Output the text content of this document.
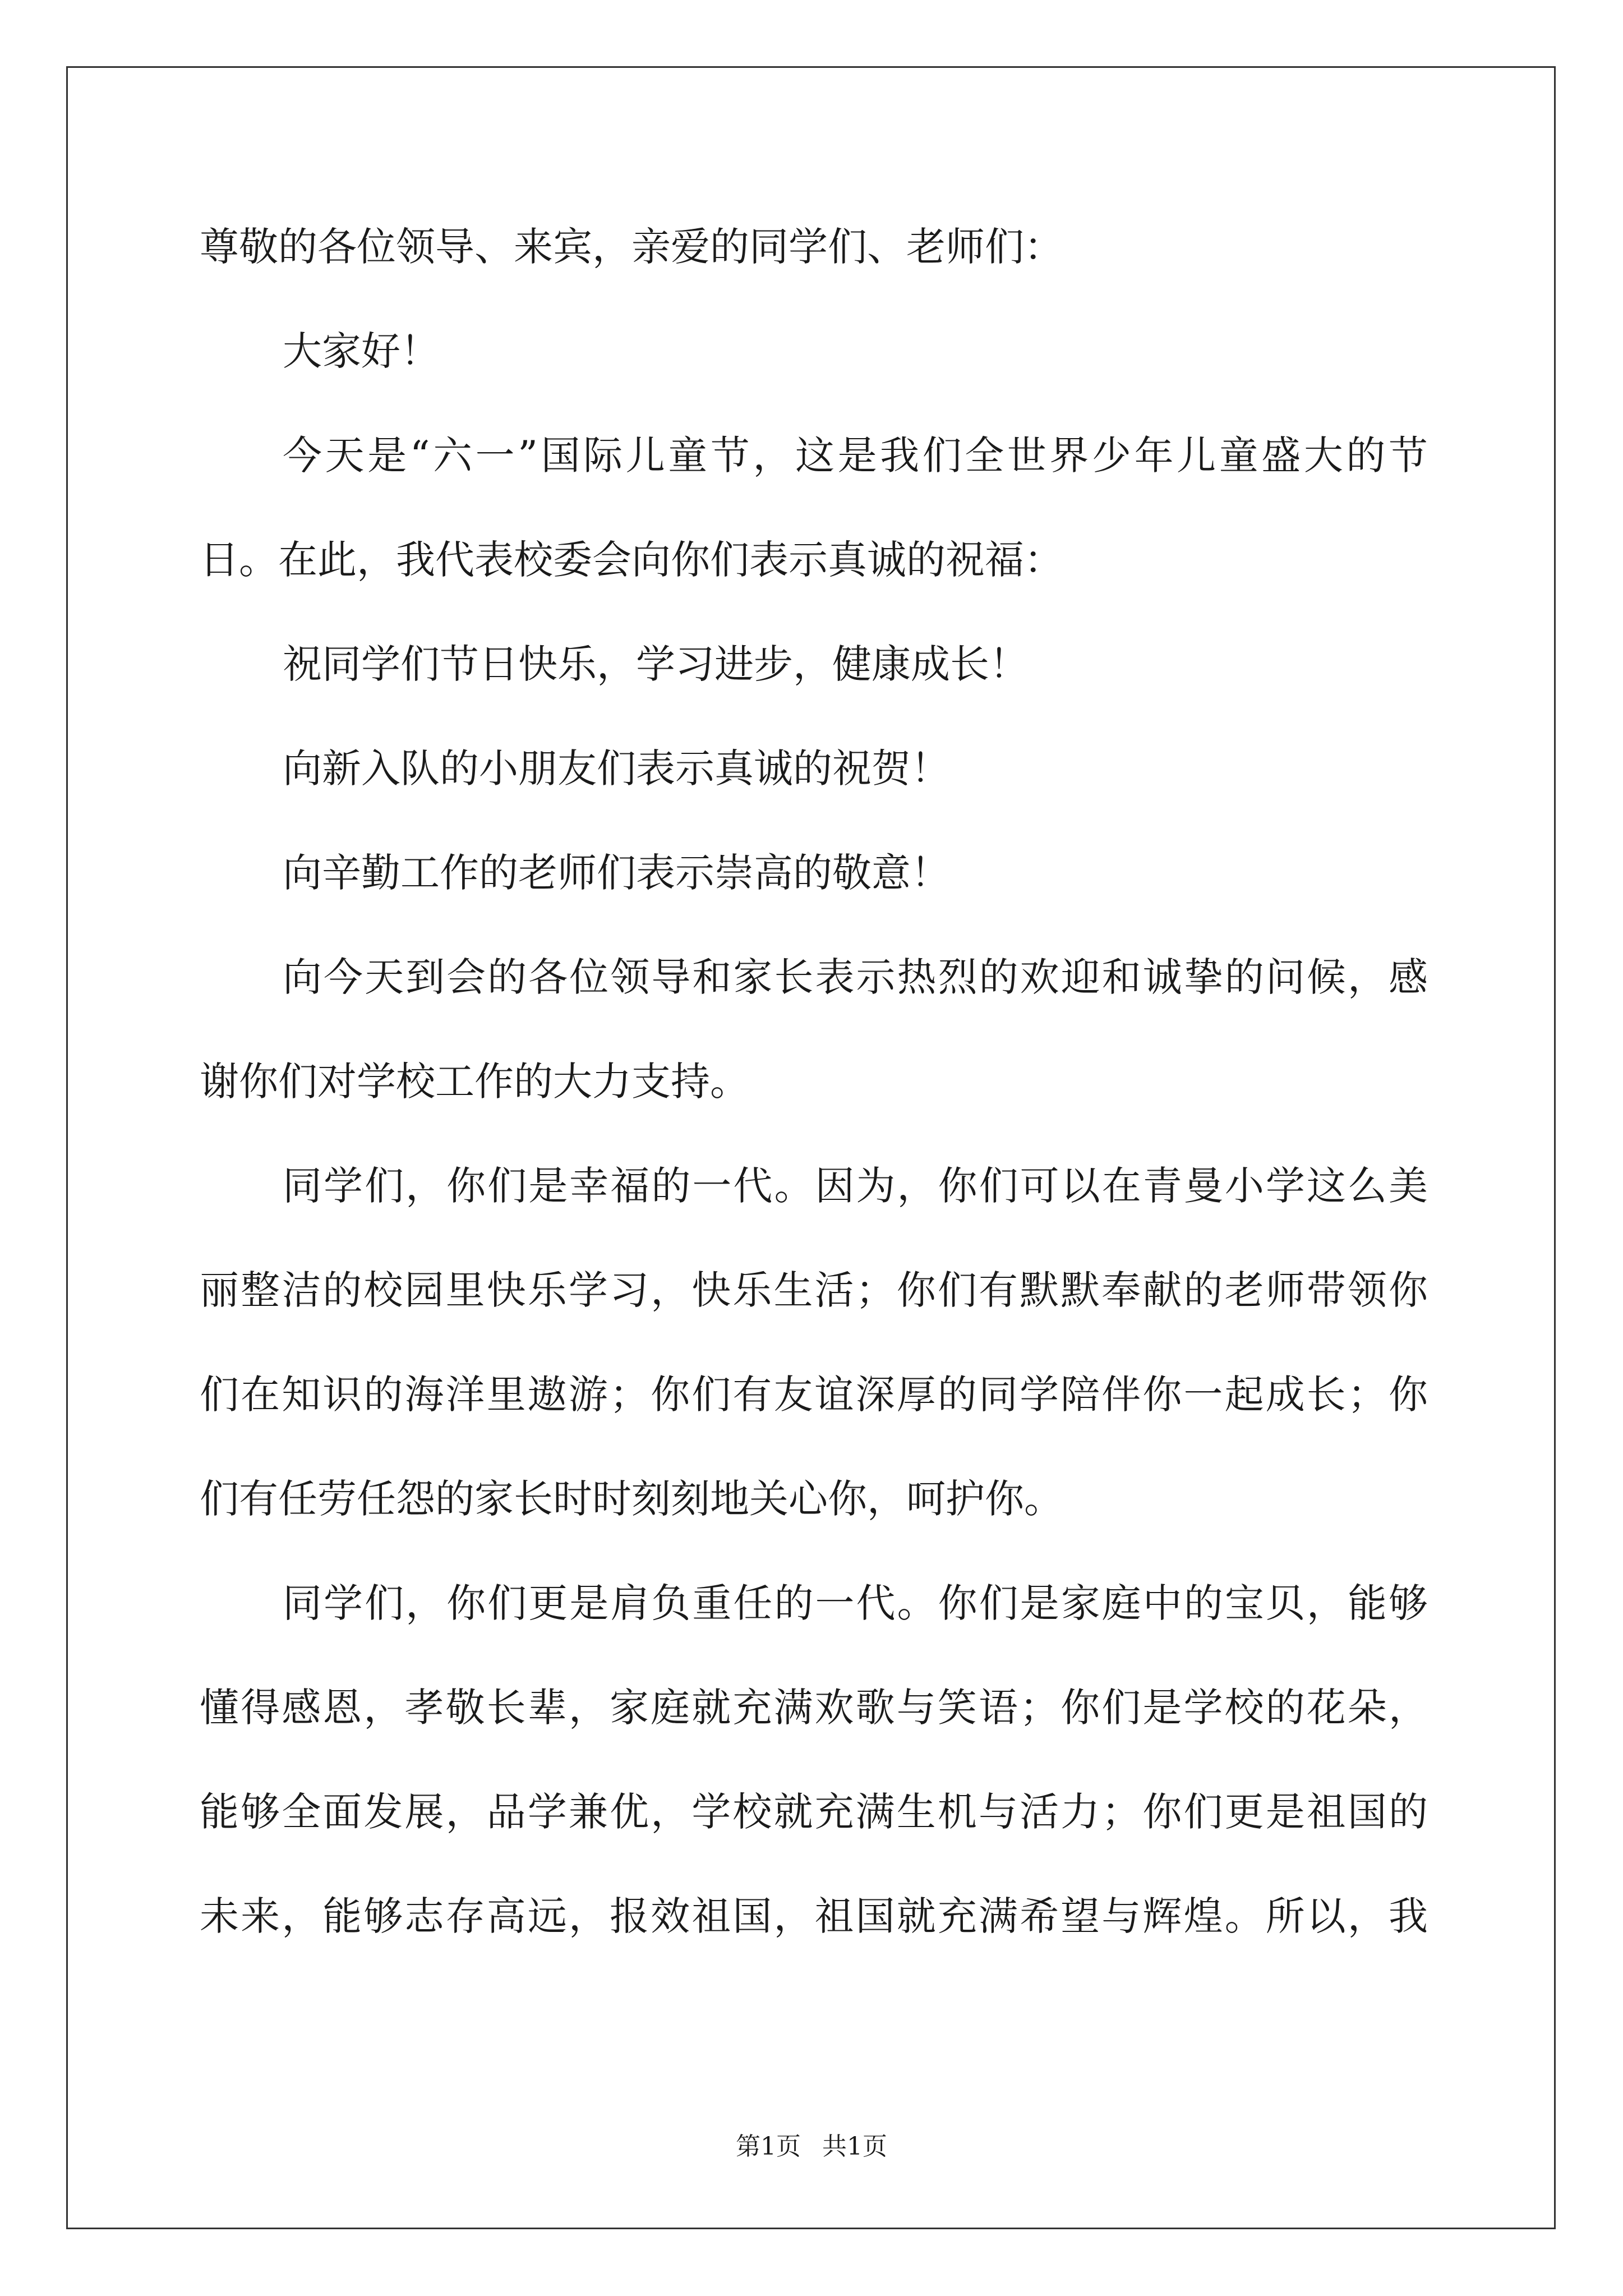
尊敬的各位领导、来宾，亲爱的同学们、老师们：
大家好！
今天是“六一”国际儿童节，这是我们全世界少年儿童盛大的节
日。在此，我代表校委会向你们表示真诚的祝福：
祝同学们节日快乐，学习进步，健康成长！
向新入队的小朋友们表示真诚的祝贺！
向辛勤工作的老师们表示崇高的敬意！
向今天到会的各位领导和家长表示热烈的欢迎和诚挚的问候，感
谢你们对学校工作的大力支持。
同学们，你们是幸福的一代。因为，你们可以在青曼小学这么美
丽整洁的校园里快乐学习，快乐生活；你们有默默奉献的老师带领你
们在知识的海洋里遨游；你们有友谊深厚的同学陪伴你一起成长；你
们有任劳任怨的家长时时刻刻地关心你，呵护你。
同学们，你们更是肩负重任的一代。你们是家庭中的宝贝，能够
懂得感恩，孝敬长辈，家庭就充满欢歌与笑语；你们是学校的花朵，
能够全面发展，品学兼优，学校就充满生机与活力；你们更是祖国的
未来，能够志存高远，报效祖国，祖国就充满希望与辉煌。所以，我
第1页 共1页
